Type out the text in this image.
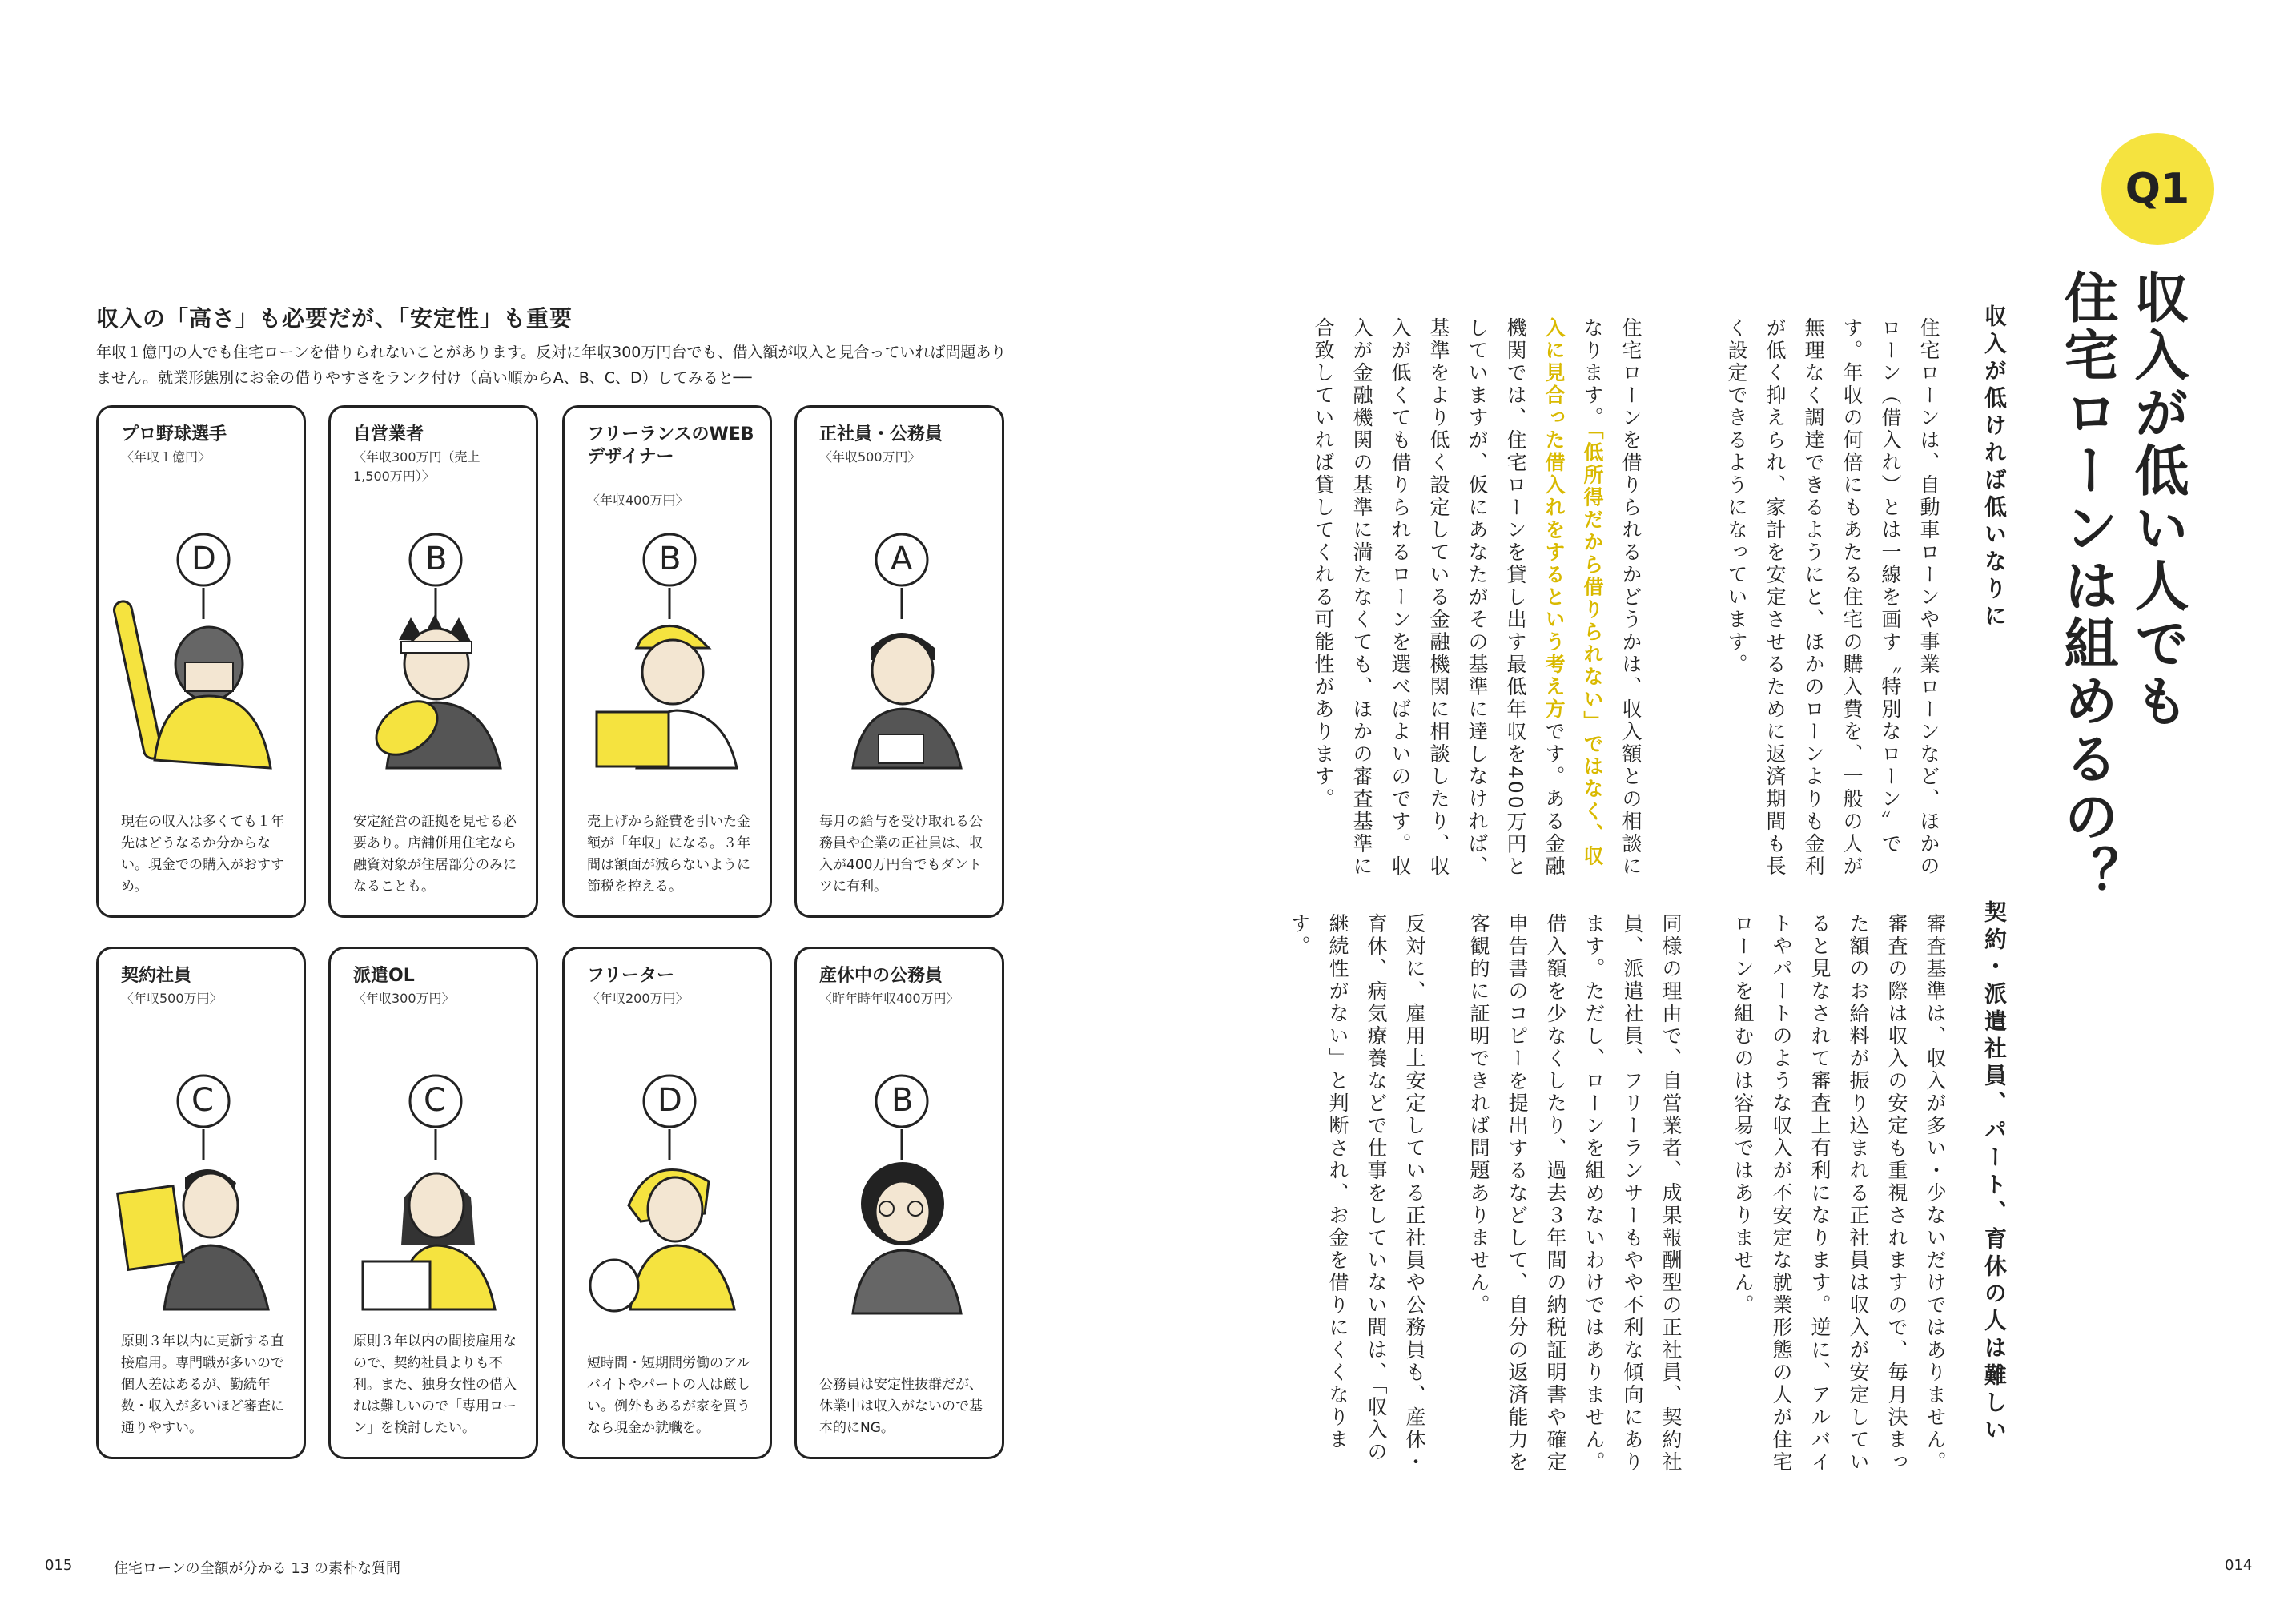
収入の「高さ」も必要だが、「安定性」も重要
年収１億円の人でも住宅ローンを借りられないことがあります。反対に年収300万円台でも、借入額が収入と見合っていれば問題ありません。就業形態別にお金の借りやすさをランク付け（高い順からA、B、C、D）してみると──
プロ野球選手
〈年収１億円〉
D
現在の収入は多くても１年先はどうなるか分からない。現金での購入がおすすめ。
自営業者
〈年収300万円（売上1,500万円）〉
B
安定経営の証拠を見せる必要あり。店舗併用住宅なら融資対象が住居部分のみになることも。
フリーランスのWEBデザイナー
〈年収400万円〉
B
売上げから経費を引いた金額が「年収」になる。３年間は額面が減らないように節税を控える。
正社員・公務員
〈年収500万円〉
A
毎月の給与を受け取れる公務員や企業の正社員は、収入が400万円台でもダントツに有利。
契約社員
〈年収500万円〉
C
原則３年以内に更新する直接雇用。専門職が多いので個人差はあるが、勤続年数・収入が多いほど審査に通りやすい。
派遣OL
〈年収300万円〉
C
原則３年以内の間接雇用なので、契約社員よりも不利。また、独身女性の借入れは難しいので「専用ローン」を検討したい。
フリーター
〈年収200万円〉
D
短時間・短期間労働のアルバイトやパートの人は厳しい。例外もあるが家を買うなら現金か就職を。
産休中の公務員
〈昨年時年収400万円〉
B
公務員は安定性抜群だが、休業中は収入がないので基本的にNG。
015	住宅ローンの全額が分かる 13 の素朴な質問
Q1
収入が低い人でも
住宅ローンは組めるの？
収入が低ければ低いなりに
住宅ローンは、自動車ローンや事業ローンなど、ほかのローン（借入れ）とは一線を画す〝特別なローン〟です。年収の何倍にもあたる住宅の購入費を、一般の人が無理なく調達できるようにと、ほかのローンよりも金利が低く抑えられ、家計を安定させるために返済期間も長く設定できるようになっています。
住宅ローンを借りられるかどうかは、収入額との相談になります。「低所得だから借りられない」ではなく、収入に見合った借入れをするという考え方です。ある金融機関では、住宅ローンを貸し出す最低年収を400万円としていますが、仮にあなたがその基準に達しなければ、基準をより低く設定している金融機関に相談したり、収入が低くても借りられるローンを選べばよいのです。収入が金融機関の基準に満たなくても、ほかの審査基準に合致していれば貸してくれる可能性があります。
契約・派遣社員、パート、育休の人は難しい
審査基準は、収入が多い・少ないだけではありません。審査の際は収入の安定も重視されますので、毎月決まった額のお給料が振り込まれる正社員は収入が安定していると見なされて審査上有利になります。逆に、アルバイトやパートのような収入が不安定な就業形態の人が住宅ローンを組むのは容易ではありません。
同様の理由で、自営業者、成果報酬型の正社員、契約社員、派遣社員、フリーランサーもやや不利な傾向にあります。ただし、ローンを組めないわけではありません。借入額を少なくしたり、過去３年間の納税証明書や確定申告書のコピーを提出するなどして、自分の返済能力を客観的に証明できれば問題ありません。
反対に、雇用上安定している正社員や公務員も、産休・育休、病気療養などで仕事をしていない間は、「収入の継続性がない」と判断され、お金を借りにくくなります。
014
